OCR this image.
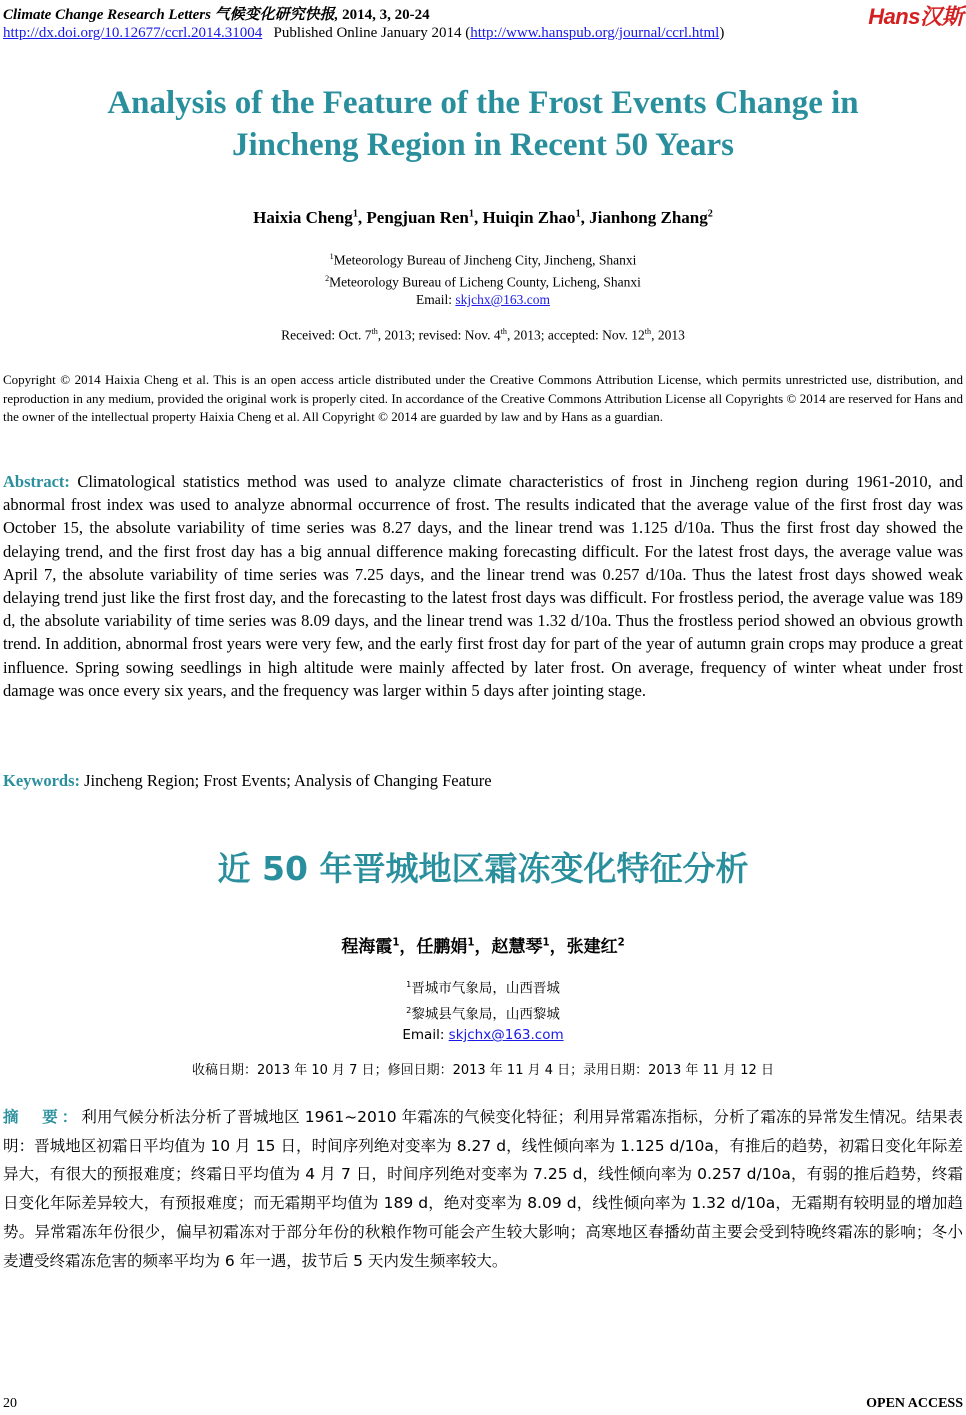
Climate Change Research Letters 气候变化研究快报, 2014, 3, 20-24	Hans汉斯
http://dx.doi.org/10.12677/ccrl.2014.31004   Published Online January 2014 (http://www.hanspub.org/journal/ccrl.html)
Analysis of the Feature of the Frost Events Change in
Jincheng Region in Recent 50 Years
Haixia Cheng$^1$, Pengjuan Ren$^1$, Huiqin Zhao$^1$, Jianhong Zhang$^2$
$^1$Meteorology Bureau of Jincheng City, Jincheng, Shanxi
$^2$Meteorology Bureau of Licheng County, Licheng, Shanxi
Email: skjchx@163.com
Received: Oct. 7th, 2013; revised: Nov. 4th, 2013; accepted: Nov. 12th, 2013
Copyright © 2014 Haixia Cheng et al. This is an open access article distributed under the Creative Commons Attribution License, which permits unrestricted use, distribution, and reproduction in any medium, provided the original work is properly cited. In accordance of the Creative Commons Attribution License all Copyrights © 2014 are reserved for Hans and the owner of the intellectual property Haixia Cheng et al. All Copyright © 2014 are guarded by law and by Hans as a guardian.
Abstract: Climatological statistics method was used to analyze climate characteristics of frost in Jincheng region during 1961-2010, and abnormal frost index was used to analyze abnormal occurrence of frost. The results indicated that the average value of the first frost day was October 15, the absolute variability of time series was 8.27 days, and the linear trend was 1.125 d/10a. Thus the first frost day showed the delaying trend, and the first frost day has a big annual difference making forecasting difficult. For the latest frost days, the average value was April 7, the absolute variability of time series was 7.25 days, and the linear trend was 0.257 d/10a. Thus the latest frost days showed weak delaying trend just like the first frost day, and the forecasting to the latest frost days was difficult. For frostless period, the average value was 189 d, the absolute variability of time series was 8.09 days, and the linear trend was 1.32 d/10a. Thus the frostless period showed an obvious growth trend. In addition, abnormal frost years were very few, and the early first frost day for part of the year of autumn grain crops may produce a great influence. Spring sowing seedlings in high altitude were mainly affected by later frost. On average, frequency of winter wheat under frost damage was once every six years, and the frequency was larger within 5 days after jointing stage.
Keywords: Jincheng Region; Frost Events; Analysis of Changing Feature
近 50 年晋城地区霜冻变化特征分析
程海霞$^1$，任鹏娟$^1$，赵慧琴$^1$，张建红$^2$
$^1$晋城市气象局，山西晋城
$^2$黎城县气象局，山西黎城
Email: skjchx@163.com
收稿日期：2013 年 10 月 7 日；修回日期：2013 年 11 月 4 日；录用日期：2013 年 11 月 12 日
摘　要：利用气候分析法分析了晋城地区 1961~2010 年霜冻的气候变化特征；利用异常霜冻指标，分析了霜冻的异常发生情况。结果表明：晋城地区初霜日平均值为 10 月 15 日，时间序列绝对变率为 8.27 d，线性倾向率为 1.125 d/10a，有推后的趋势，初霜日变化年际差异大，有很大的预报难度；终霜日平均值为 4 月 7 日，时间序列绝对变率为 7.25 d，线性倾向率为 0.257 d/10a，有弱的推后趋势，终霜日变化年际差异较大，有预报难度；而无霜期平均值为 189 d，绝对变率为 8.09 d，线性倾向率为 1.32 d/10a，无霜期有较明显的增加趋势。异常霜冻年份很少，偏早初霜冻对于部分年份的秋粮作物可能会产生较大影响；高寒地区春播幼苗主要会受到特晚终霜冻的影响；冬小麦遭受终霜冻危害的频率平均为 6 年一遇，拔节后 5 天内发生频率较大。
20	OPEN ACCESS
